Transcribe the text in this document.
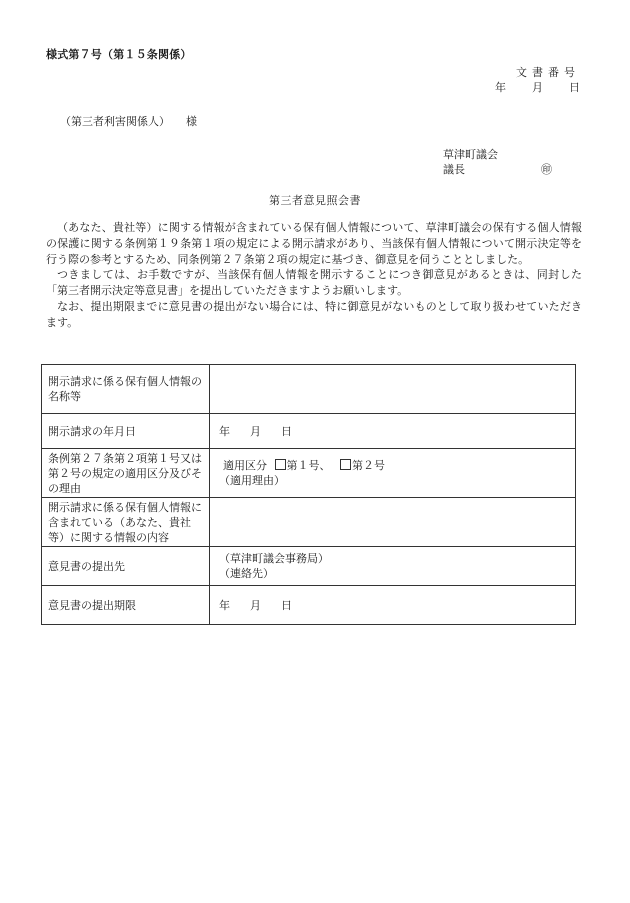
様式第７号（第１５条関係）
文書番号
年 月 日
（第三者利害関係人） 様
草津町議会
議長	㊞
第三者意見照会書

（あなた、貴社等）に関する情報が含まれている保有個人情報について、草津町議会の保有する個人情報の保護に関する条例第１９条第１項の規定による開示請求があり、当該保有個人情報について開示決定等を行う際の参考とするため、同条例第２７条第２項の規定に基づき、御意見を伺うこととしました。

つきましては、お手数ですが、当該保有個人情報を開示することにつき御意見があるときは、同封した「第三者開示決定等意見書」を提出していただきますようお願いします。

なお、提出期限までに意見書の提出がない場合には、特に御意見がないものとして取り扱わせていただきます。

開示請求に係る保有個人情報の名称等	
開示請求の年月日	年 月 日
条例第２７条第２項第１号又は第２号の規定の適用区分及びその理由	適用区分 第１号、 第２号
（適用理由）

開示請求に係る保有個人情報に含まれている（あなた、貴社等）に関する情報の内容	
意見書の提出先	（草津町議会事務局）
（連絡先）

意見書の提出期限	年 月 日
